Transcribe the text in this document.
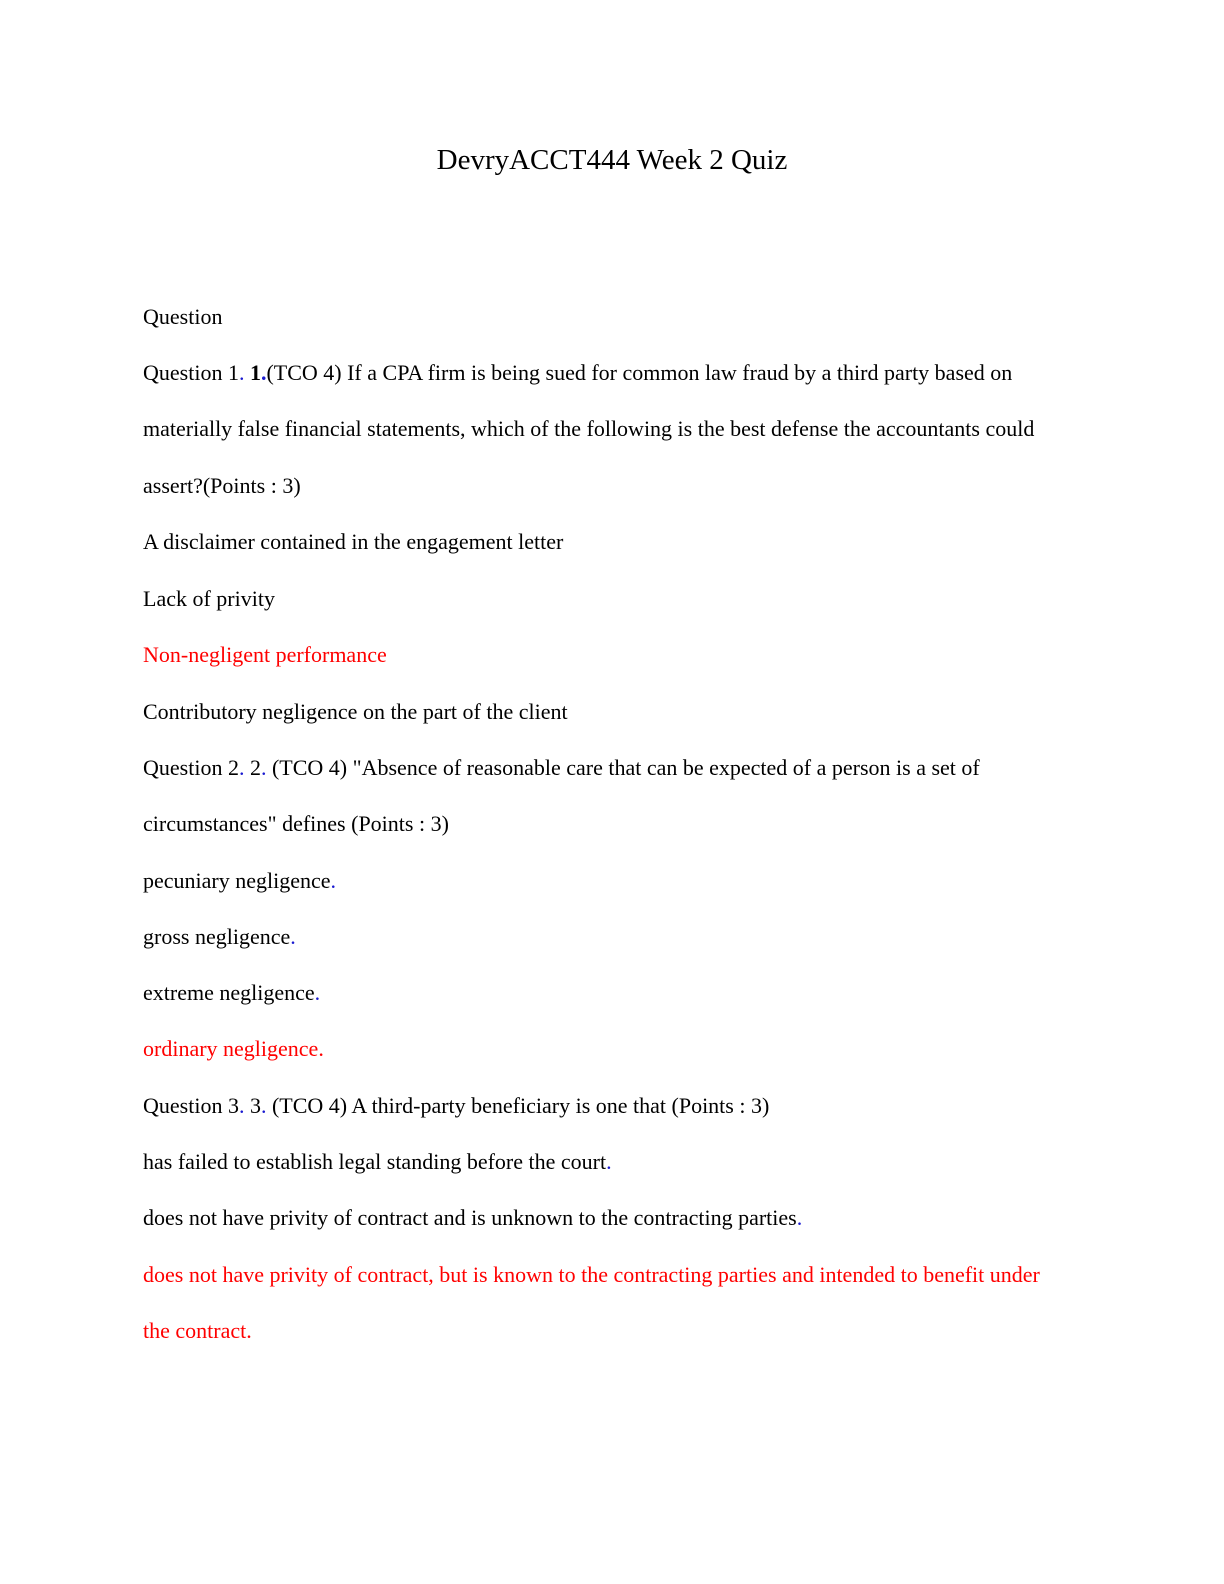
DevryACCT444 Week 2 Quiz

Question

Question 1. 1.(TCO 4) If a CPA firm is being sued for common law fraud by a third party based on

materially false financial statements, which of the following is the best defense the accountants could

assert?(Points : 3)

A disclaimer contained in the engagement letter

Lack of privity

Non-negligent performance

Contributory negligence on the part of the client

Question 2. 2. (TCO 4) "Absence of reasonable care that can be expected of a person is a set of

circumstances" defines (Points : 3)

pecuniary negligence.

gross negligence.

extreme negligence.

ordinary negligence.

Question 3. 3. (TCO 4) A third-party beneficiary is one that (Points : 3)

has failed to establish legal standing before the court.

does not have privity of contract and is unknown to the contracting parties.

does not have privity of contract, but is known to the contracting parties and intended to benefit under

the contract.
